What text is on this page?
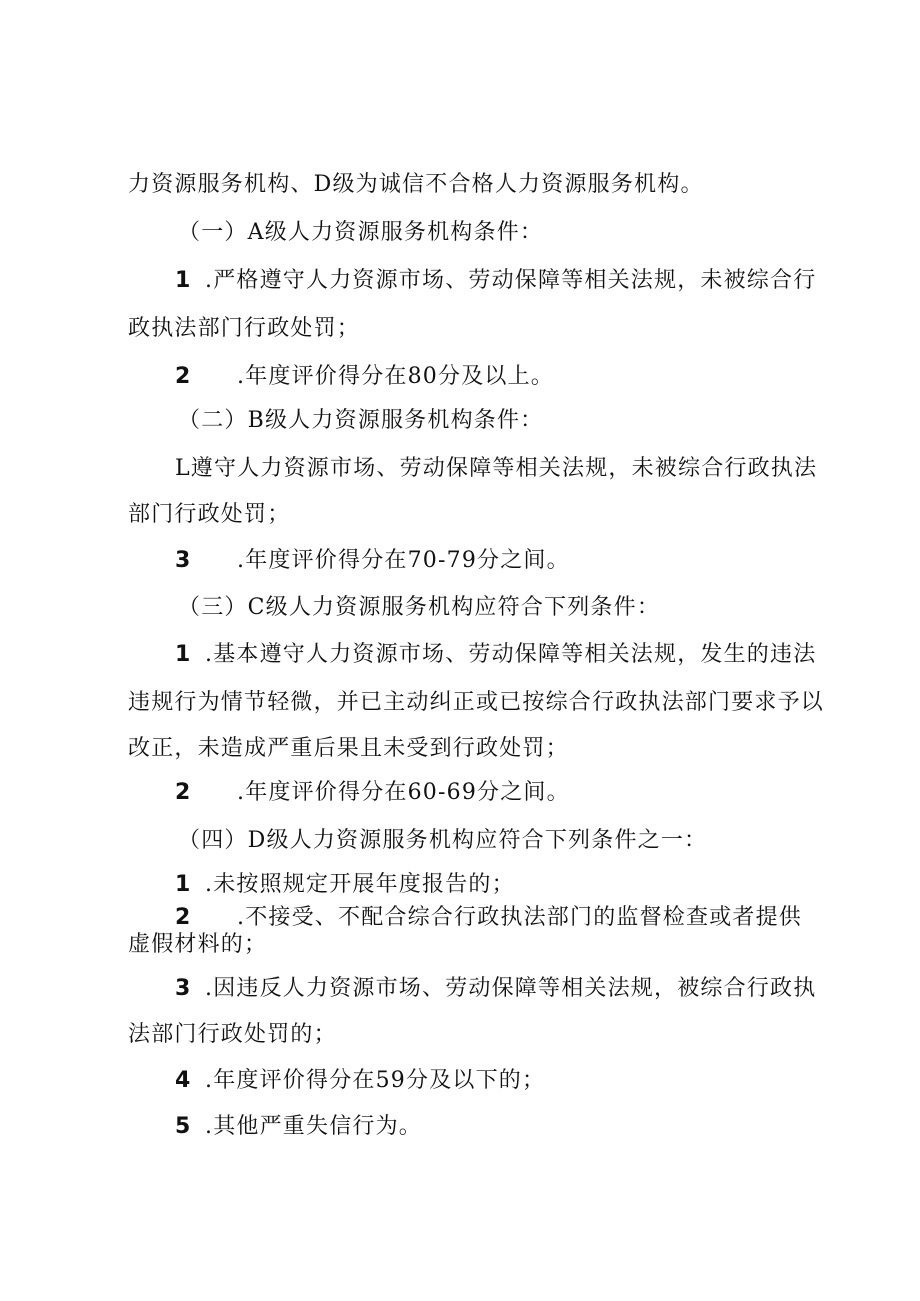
力资源服务机构、D级为诚信不合格人力资源服务机构。
（一）A级人力资源服务机构条件：
1 .严格遵守人力资源市场、劳动保障等相关法规，未被综合行
政执法部门行政处罚；
2 .年度评价得分在80分及以上。
（二）B级人力资源服务机构条件：
L遵守人力资源市场、劳动保障等相关法规，未被综合行政执法
部门行政处罚；
3 .年度评价得分在70-79分之间。
（三）C级人力资源服务机构应符合下列条件：
1 .基本遵守人力资源市场、劳动保障等相关法规，发生的违法
违规行为情节轻微，并已主动纠正或已按综合行政执法部门要求予以
改正，未造成严重后果且未受到行政处罚；
2 .年度评价得分在60-69分之间。
（四）D级人力资源服务机构应符合下列条件之一：
1 .未按照规定开展年度报告的；
2 .不接受、不配合综合行政执法部门的监督检查或者提供
虚假材料的；
3 .因违反人力资源市场、劳动保障等相关法规，被综合行政执
法部门行政处罚的；
4 .年度评价得分在59分及以下的；
5 .其他严重失信行为。
